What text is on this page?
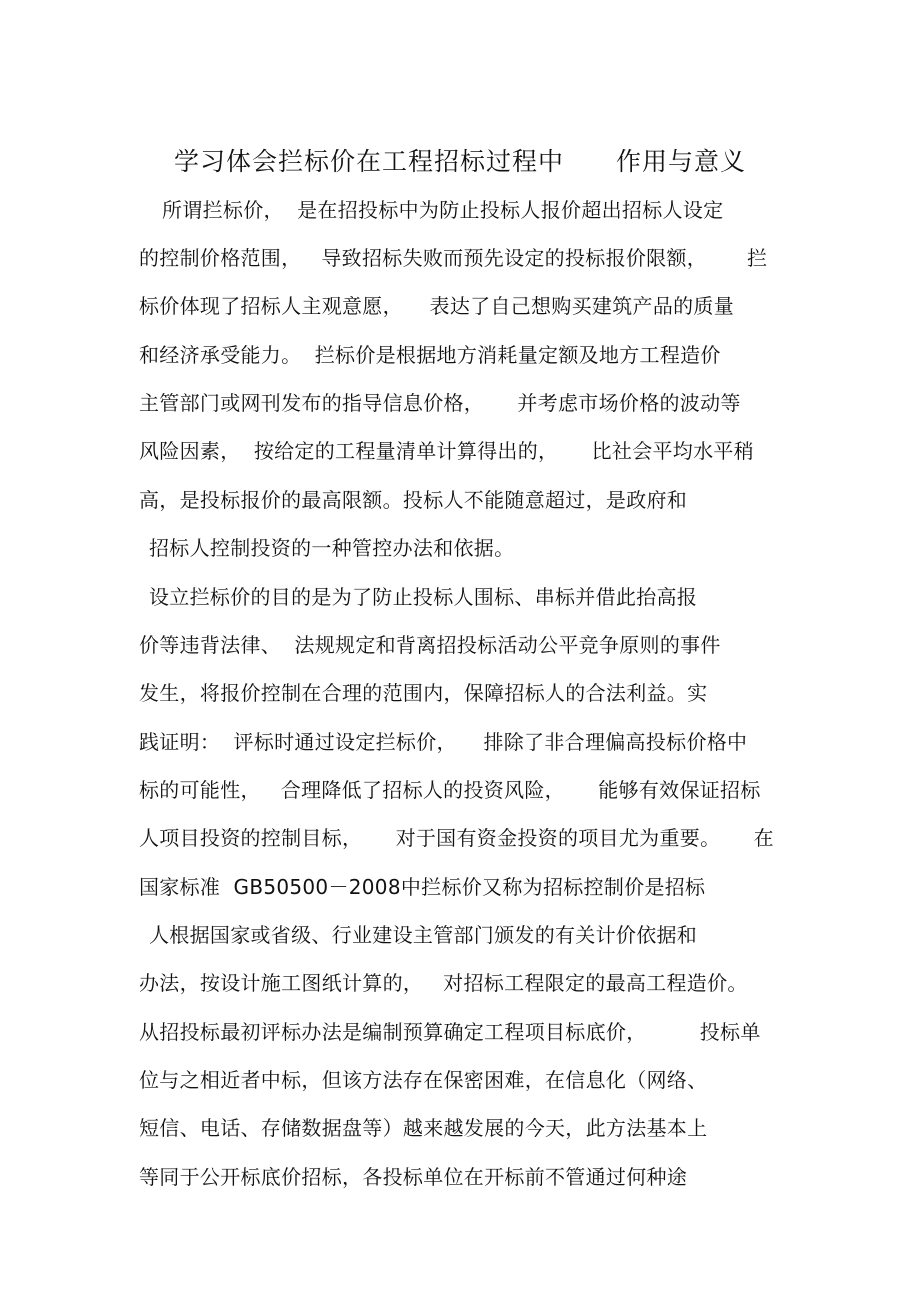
学习体会拦标价在工程招标过程中　　作用与意义
所谓拦标价，  是在招投标中为防止投标人报价超出招标人设定
的控制价格范围，   导致招标失败而预先设定的投标报价限额，      拦
标价体现了招标人主观意愿，    表达了自己想购买建筑产品的质量
和经济承受能力。  拦标价是根据地方消耗量定额及地方工程造价
主管部门或网刊发布的指导信息价格，     并考虑市场价格的波动等
风险因素，  按给定的工程量清单计算得出的，     比社会平均水平稍
高，是投标报价的最高限额。投标人不能随意超过，是政府和
招标人控制投资的一种管控办法和依据。
设立拦标价的目的是为了防止投标人围标、串标并借此抬高报
价等违背法律、  法规规定和背离招投标活动公平竞争原则的事件
发生，将报价控制在合理的范围内，保障招标人的合法利益。实
践证明：  评标时通过设定拦标价，    排除了非合理偏高投标价格中
标的可能性，   合理降低了招标人的投资风险，     能够有效保证招标
人项目投资的控制目标，     对于国有资金投资的项目尤为重要。     在
国家标准  GB50500－2008中拦标价又称为招标控制价是招标
人根据国家或省级、行业建设主管部门颁发的有关计价依据和
办法，按设计施工图纸计算的，   对招标工程限定的最高工程造价。
从招投标最初评标办法是编制预算确定工程项目标底价，        投标单
位与之相近者中标，但该方法存在保密困难，在信息化（网络、
短信、电话、存储数据盘等）越来越发展的今天，此方法基本上
等同于公开标底价招标，各投标单位在开标前不管通过何种途
